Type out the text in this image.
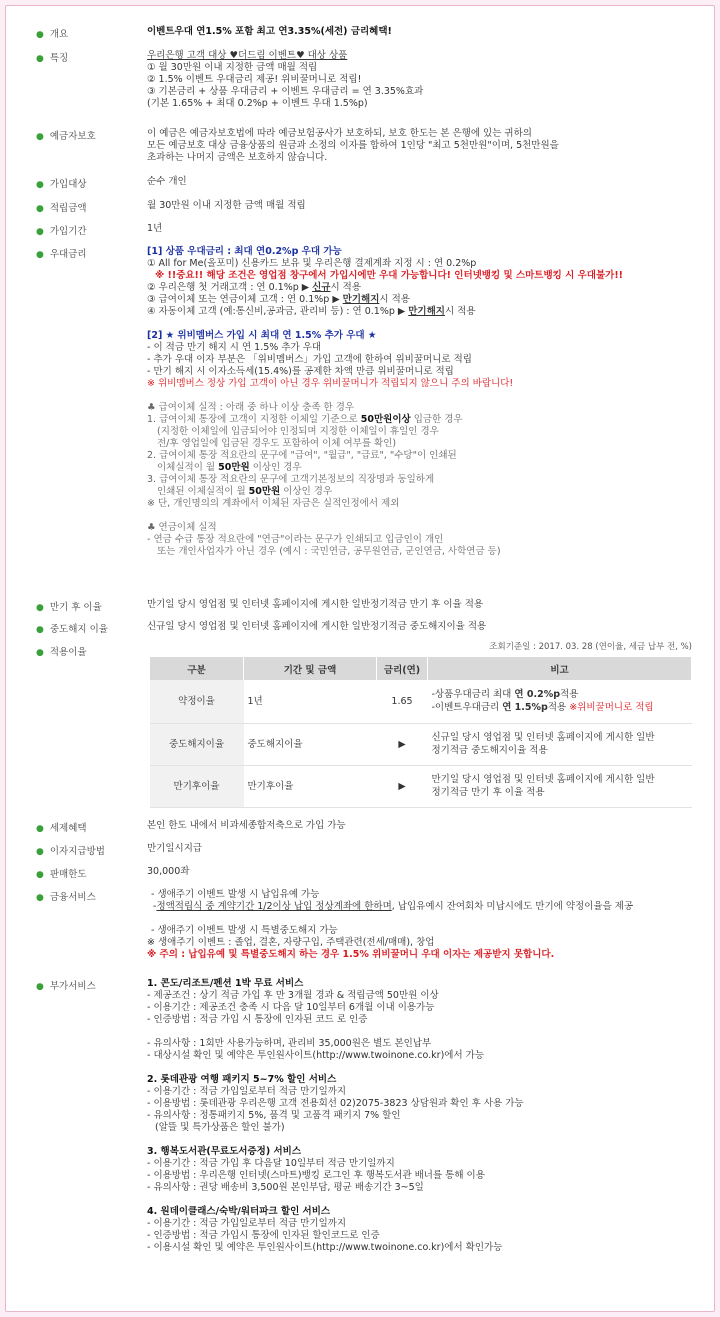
● 개요	이벤트우대 연1.5% 포함 최고 연3.35%(세전) 금리혜택!
● 특징	우리은행 고객 대상 ♥더드림 이벤트♥ 대상 상품
① 월 30만원 이내 지정한 금액 매월 적립
② 1.5% 이벤트 우대금리 제공! 위비꿀머니로 적립!
③ 기본금리 + 상품 우대금리 + 이벤트 우대금리 = 연 3.35%효과
(기본 1.65% + 최대 0.2%p + 이벤트 우대 1.5%p)
● 예금자보호	이 예금은 예금자보호법에 따라 예금보험공사가 보호하되, 보호 한도는 본 은행에 있는 귀하의
모든 예금보호 대상 금융상품의 원금과 소정의 이자를 합하여 1인당 "최고 5천만원"이며, 5천만원을
초과하는 나머지 금액은 보호하지 않습니다.
● 가입대상	순수 개인
● 적립금액	월 30만원 이내 지정한 금액 매월 적립
● 가입기간	1년
● 우대금리	[1] 상품 우대금리 : 최대 연0.2%p 우대 가능
① All for Me(올포미) 신용카드 보유 및 우리은행 결제계좌 지정 시 : 연 0.2%p
※ !!중요!! 해당 조건은 영업점 창구에서 가입시에만 우대 가능합니다! 인터넷뱅킹 및 스마트뱅킹 시 우대불가!!
② 우리은행 첫 거래고객 : 연 0.1%p ▶ 신규시 적용
③ 급여이체 또는 연금이체 고객 : 연 0.1%p ▶ 만기해지시 적용
④ 자동이체 고객 (예:통신비,공과금, 관리비 등) : 연 0.1%p ▶ 만기해지시 적용
[2] ★ 위비멤버스 가입 시 최대 연 1.5% 추가 우대 ★
- 이 적금 만기 해지 시 연 1.5% 추가 우대
- 추가 우대 이자 부분은 「위비멤버스」가입 고객에 한하여 위비꿀머니로 적립
- 만기 해지 시 이자소득세(15.4%)를 공제한 차액 만큼 위비꿀머니로 적립
※ 위비멤버스 정상 가입 고객이 아닌 경우 위비꿀머니가 적립되지 않으니 주의 바랍니다!
♣ 급여이체 실적 : 아래 중 하나 이상 충족 한 경우
1. 급여이체 통장에 고객이 지정한 이체일 기준으로 50만원이상 입금한 경우
(지정한 이체일에 입금되어야 인정되며 지정한 이체일이 휴일인 경우
전/후 영업일에 입금된 경우도 포함하여 이체 여부를 확인)
2. 급여이체 통장 적요란의 문구에 "급여", "월급", "급료", "수당"이 인쇄된
이체실적이 월 50만원 이상인 경우
3. 급여이체 통장 적요란의 문구에 고객기본정보의 직장명과 동일하게
인쇄된 이체실적이 월 50만원 이상인 경우
※ 단, 개인명의의 계좌에서 이체된 자금은 실적인정에서 제외
♣ 연금이체 실적
- 연금 수급 통장 적요란에 "연금"이라는 문구가 인쇄되고 입금인이 개인
또는 개인사업자가 아닌 경우 (예시 : 국민연금, 공무원연금, 군인연금, 사학연금 등)
● 만기 후 이율	만기일 당시 영업점 및 인터넷 홈페이지에 게시한 일반정기적금 만기 후 이율 적용
● 중도해지 이율	신규일 당시 영업점 및 인터넷 홈페이지에 게시한 일반정기적금 중도해지이율 적용
● 적용이율	조회기준일 : 2017. 03. 28 (연이율, 세금 납부 전, %)
구분	기간 및 금액	금리(연)	비고
약정이율	1년	1.65	-상품우대금리 최대 연 0.2%p적용
-이벤트우대금리 연 1.5%p적용 ※위비꿀머니로 적립

중도해지이율	중도해지이율	▶	신규일 당시 영업점 및 인터넷 홈페이지에 게시한 일반
정기적금 중도해지이율 적용

만기후이율	만기후이율	▶	만기일 당시 영업점 및 인터넷 홈페이지에 게시한 일반
정기적금 만기 후 이율 적용
● 세제혜택	본인 한도 내에서 비과세종합저축으로 가입 가능
● 이자지급방법	만기일시지급
● 판매한도	30,000좌
● 금융서비스	- 생애주기 이벤트 발생 시 납입유예 가능
-정액적립식 중 계약기간 1/2이상 납입 정상계좌에 한하며, 납입유예시 잔여회차 미납시에도 만기에 약정이율을 제공
- 생애주기 이벤트 발생 시 특별중도해지 가능
※ 생애주기 이벤트 : 졸업, 결혼, 자량구입, 주택관련(전세/매매), 창업
※ 주의 : 납입유예 및 특별중도해지 하는 경우 1.5% 위비꿀머니 우대 이자는 제공받지 못합니다.
● 부가서비스	1. 콘도/리조트/펜션 1박 무료 서비스
- 제공조건 : 상기 적금 가입 후 만 3개월 경과 & 적립금액 50만원 이상
- 이용기간 : 제공조건 충족 시 다음 달 10일부터 6개월 이내 이용가능
- 인증방법 : 적금 가입 시 통장에 인자된 코드 로 인증
- 유의사항 : 1회만 사용가능하며, 관리비 35,000원은 별도 본인납부
- 대상시설 확인 및 예약은 투인원사이트(http://www.twoinone.co.kr)에서 가능
2. 롯데관광 여행 패키지 5~7% 할인 서비스
- 이용기간 : 적금 가입일로부터 적금 만기일까지
- 이용방법 : 롯데관광 우리은행 고객 전용회선 02)2075-3823 상담원과 확인 후 사용 가능
- 유의사항 : 정통패키지 5%, 품격 및 고품격 패키지 7% 할인
(알뜰 및 특가상품은 할인 불가)
3. 행복도서관(무료도서증정) 서비스
- 이용기간 : 적금 가입 후 다음달 10일부터 적금 만기일까지
- 이용방법 : 우리은행 인터넷(스마트)뱅킹 로그인 후 행복도서관 배너를 통해 이용
- 유의사항 : 권당 배송비 3,500원 본인부담, 평균 배송기간 3~5일
4. 원데이클래스/숙박/워터파크 할인 서비스
- 이용기간 : 적금 가입일로부터 적금 만기일까지
- 인증방법 : 적금 가입시 통장에 인자된 할인코드로 인증
- 이용시설 확인 및 예약은 투인원사이트(http://www.twoinone.co.kr)에서 확인가능
